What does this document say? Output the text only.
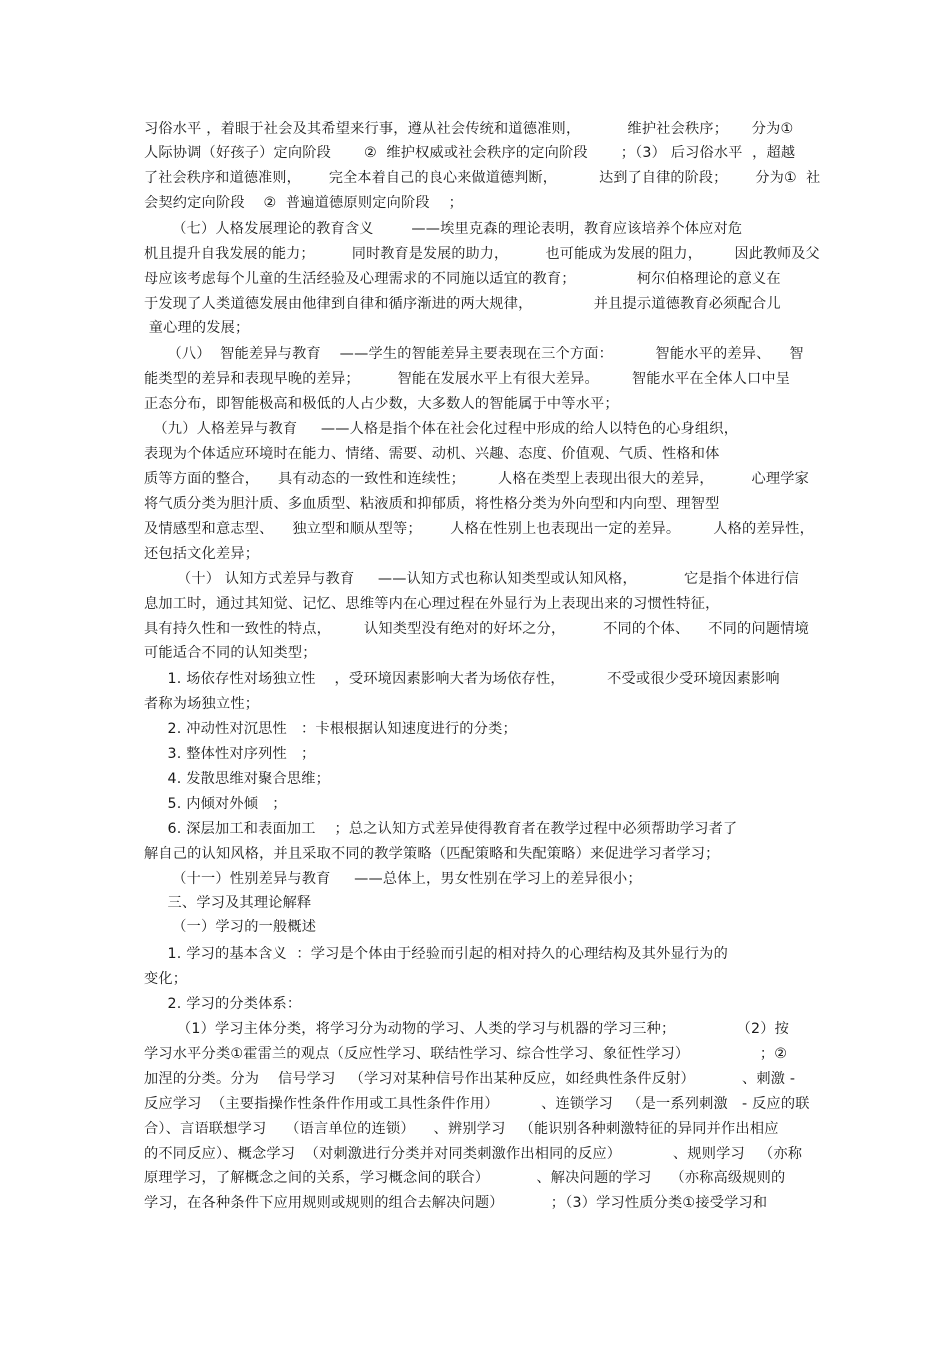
习俗水平 ，着眼于社会及其希望来行事，遵从社会传统和道德准则，          维护社会秩序；     分为①
人际协调（好孩子）定向阶段       ②  维护权威或社会秩序的定向阶段       ；（3） 后习俗水平  ，超越
了社会秩序和道德准则，      完全本着自己的良心来做道德判断，         达到了自律的阶段；      分为①  社
会契约定向阶段    ②  普遍道德原则定向阶段    ；
（七）人格发展理论的教育含义        ——埃里克森的理论表明，教育应该培养个体应对危
机且提升自我发展的能力；        同时教育是发展的助力，        也可能成为发展的阻力，       因此教师及父
母应该考虑每个儿童的生活经验及心理需求的不同施以适宜的教育；             柯尔伯格理论的意义在
于发现了人类道德发展由他律到自律和循序渐进的两大规律，             并且提示道德教育必须配合儿
童心理的发展；
（八）  智能差异与教育    ——学生的智能差异主要表现在三个方面：         智能水平的差异、    智
能类型的差异和表现早晚的差异；        智能在发展水平上有很大差异。       智能水平在全体人口中呈
正态分布，即智能极高和极低的人占少数，大多数人的智能属于中等水平；
（九）人格差异与教育     ——人格是指个体在社会化过程中形成的给人以特色的心身组织，
表现为个体适应环境时在能力、情绪、需要、动机、兴趣、态度、价值观、气质、性格和体
质等方面的整合，    具有动态的一致性和连续性；       人格在类型上表现出很大的差异，        心理学家
将气质分类为胆汁质、多血质型、粘液质和抑郁质，将性格分类为外向型和内向型、理智型
及情感型和意志型、    独立型和顺从型等；      人格在性别上也表现出一定的差异。       人格的差异性，
还包括文化差异；
（十） 认知方式差异与教育     ——认知方式也称认知类型或认知风格，          它是指个体进行信
息加工时，通过其知觉、记忆、思维等内在心理过程在外显行为上表现出来的习惯性特征，
具有持久性和一致性的特点，       认知类型没有绝对的好坏之分，        不同的个体、    不同的问题情境
可能适合不同的认知类型；
1. 场依存性对场独立性    ，受环境因素影响大者为场依存性，         不受或很少受环境因素影响
者称为场独立性；
2. 冲动性对沉思性   ：卡根根据认知速度进行的分类；
3. 整体性对序列性   ；
4. 发散思维对聚合思维；
5. 内倾对外倾   ；
6. 深层加工和表面加工    ；总之认知方式差异使得教育者在教学过程中必须帮助学习者了
解自己的认知风格，并且采取不同的教学策略（匹配策略和失配策略）来促进学习者学习；
（十一）性别差异与教育     ——总体上，男女性别在学习上的差异很小；
三、学习及其理论解释
（一）学习的一般概述
1. 学习的基本含义  ：学习是个体由于经验而引起的相对持久的心理结构及其外显行为的
变化；
2. 学习的分类体系：
（1）学习主体分类，将学习分为动物的学习、人类的学习与机器的学习三种；             （2）按
学习水平分类①霍雷兰的观点（反应性学习、联结性学习、综合性学习、象征性学习）               ；②
加涅的分类。分为    信号学习   （学习对某种信号作出某种反应，如经典性条件反射）          、刺激 -
反应学习  （主要指操作性条件作用或工具性条件作用）         、连锁学习   （是一系列刺激   - 反应的联
合）、言语联想学习    （语言单位的连锁）    、辨别学习   （能识别各种刺激特征的异同并作出相应
的不同反应）、概念学习  （对刺激进行分类并对同类刺激作出相同的反应）           、规则学习   （亦称
原理学习，了解概念之间的关系，学习概念间的联合）          、解决问题的学习    （亦称高级规则的
学习，在各种条件下应用规则或规则的组合去解决问题）          ；（3）学习性质分类①接受学习和
